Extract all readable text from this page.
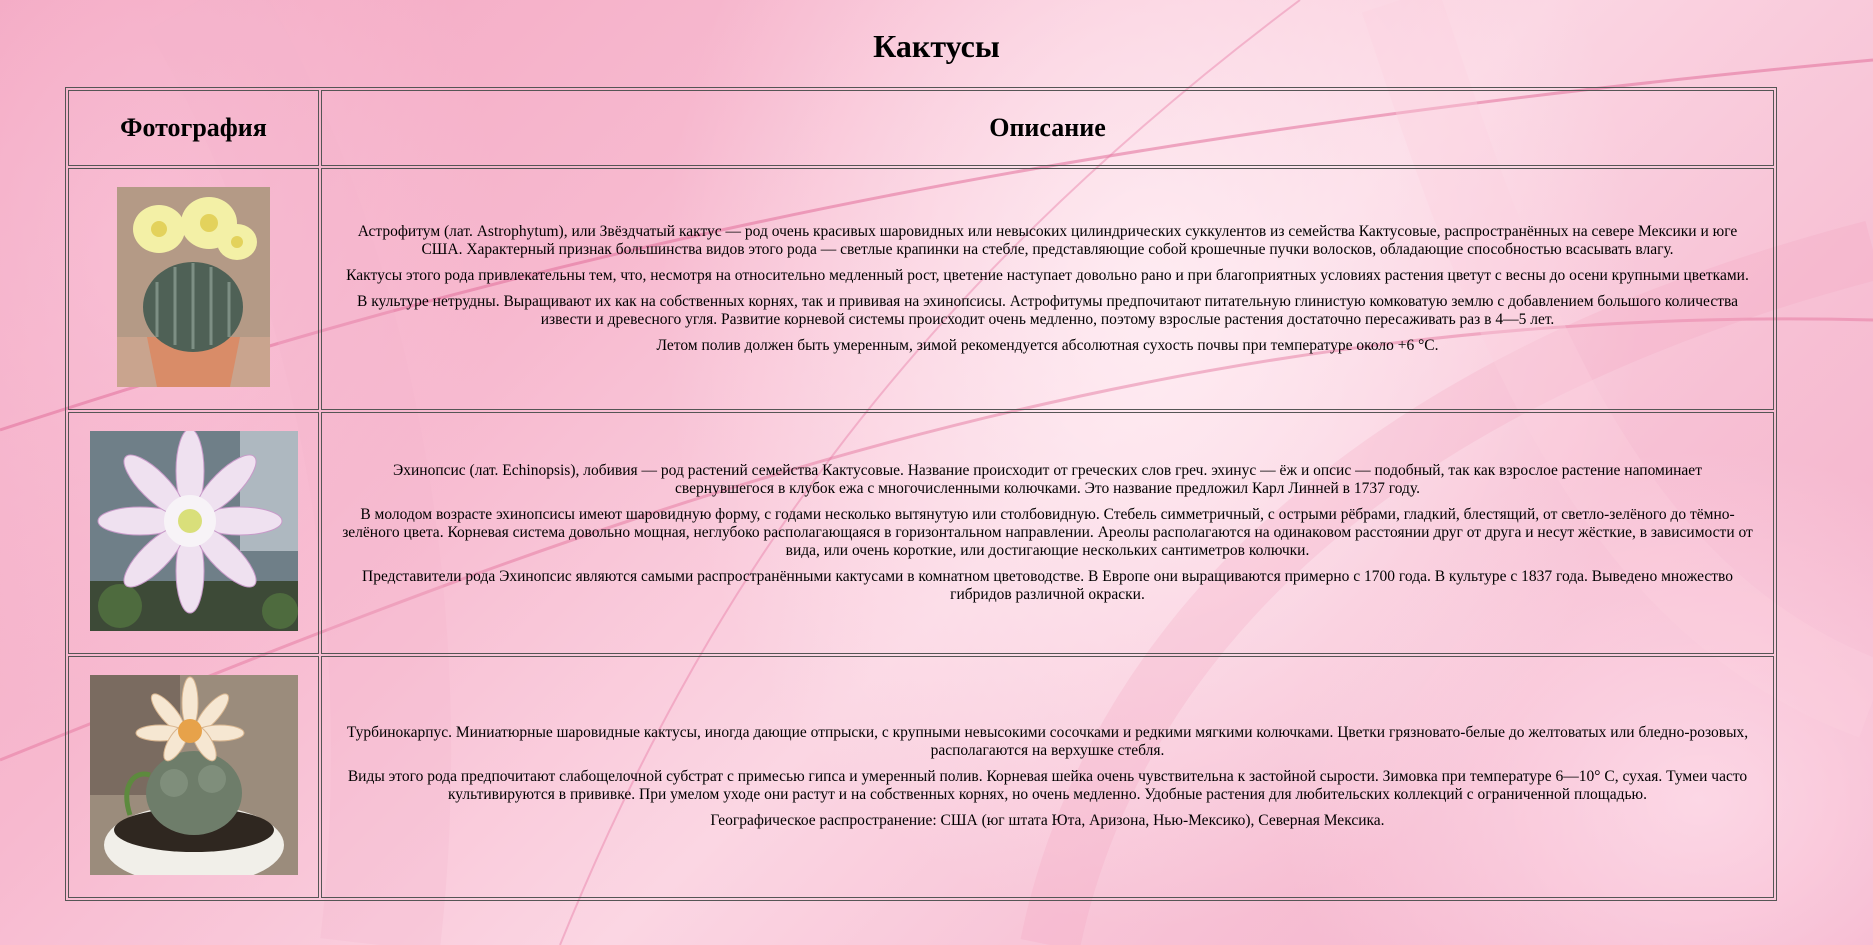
Кактусы
Фотография	Описание

Астрофитум (лат. Astrophytum), или Звёздчатый кактус — род очень красивых шаровидных или невысоких цилиндрических суккулентов из семейства Кактусовые, распространённых на севере Мексики и юге США. Характерный признак большинства видов этого рода — светлые крапинки на стебле, представляющие собой крошечные пучки волосков, обладающие способностью всасывать влагу.

Кактусы этого рода привлекательны тем, что, несмотря на относительно медленный рост, цветение наступает довольно рано и при благоприятных условиях растения цветут с весны до осени крупными цветками.

В культуре нетрудны. Выращивают их как на собственных корнях, так и прививая на эхинопсисы. Астрофитумы предпочитают питательную глинистую комковатую землю с добавлением большого количества извести и древесного угля. Развитие корневой системы происходит очень медленно, поэтому взрослые растения достаточно пересаживать раз в 4—5 лет.

Летом полив должен быть умеренным, зимой рекомендуется абсолютная сухость почвы при температуре около +6 °C.

Эхинопсис (лат. Echinopsis), лобивия — род растений семейства Кактусовые. Название происходит от греческих слов греч. эхинус — ёж и опсис — подобный, так как взрослое растение напоминает свернувшегося в клубок ежа с многочисленными колючками. Это название предложил Карл Линней в 1737 году.

В молодом возрасте эхинопсисы имеют шаровидную форму, с годами несколько вытянутую или столбовидную. Стебель симметричный, с острыми рёбрами, гладкий, блестящий, от светло-зелёного до тёмно-зелёного цвета. Корневая система довольно мощная, неглубоко располагающаяся в горизонтальном направлении. Ареолы располагаются на одинаковом расстоянии друг от друга и несут жёсткие, в зависимости от вида, или очень короткие, или достигающие нескольких сантиметров колючки.

Представители рода Эхинопсис являются самыми распространёнными кактусами в комнатном цветоводстве. В Европе они выращиваются примерно с 1700 года. В культуре с 1837 года. Выведено множество гибридов различной окраски.

Турбинокарпус. Миниатюрные шаровидные кактусы, иногда дающие отпрыски, с крупными невысокими сосочками и редкими мягкими колючками. Цветки грязновато-белые до желтоватых или бледно-розовых, располагаются на верхушке стебля.

Виды этого рода предпочитают слабощелочной субстрат с примесью гипса и умеренный полив. Корневая шейка очень чувствительна к застойной сырости. Зимовка при температуре 6—10° С, сухая. Тумеи часто культивируются в прививке. При умелом уходе они растут и на собственных корнях, но очень медленно. Удобные растения для любительских коллекций с ограниченной площадью.

Географическое распространение: США (юг штата Юта, Аризона, Нью-Мексико), Северная Мексика.
